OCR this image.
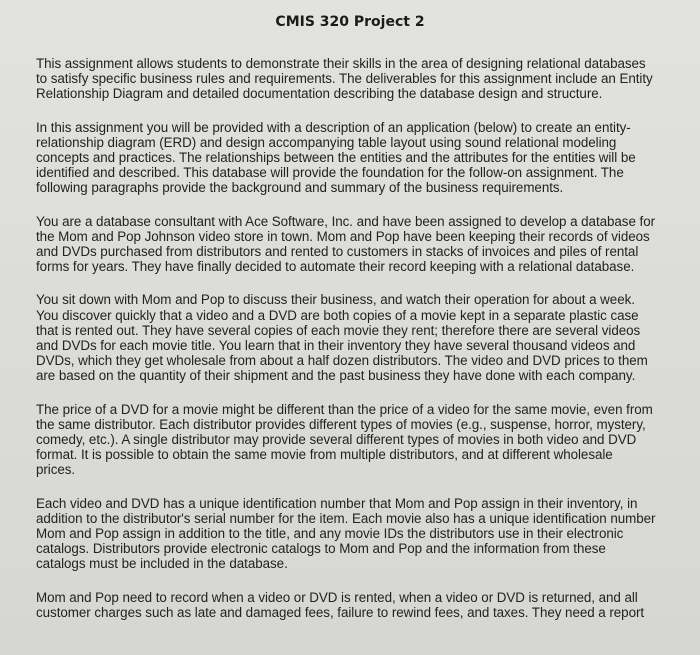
CMIS 320 Project 2

This assignment allows students to demonstrate their skills in the area of designing relational databases
to satisfy specific business rules and requirements. The deliverables for this assignment include an Entity
Relationship Diagram and detailed documentation describing the database design and structure.

In this assignment you will be provided with a description of an application (below) to create an entity-
relationship diagram (ERD) and design accompanying table layout using sound relational modeling
concepts and practices. The relationships between the entities and the attributes for the entities will be
identified and described. This database will provide the foundation for the follow-on assignment. The
following paragraphs provide the background and summary of the business requirements.

You are a database consultant with Ace Software, Inc. and have been assigned to develop a database for
the Mom and Pop Johnson video store in town. Mom and Pop have been keeping their records of videos
and DVDs purchased from distributors and rented to customers in stacks of invoices and piles of rental
forms for years. They have finally decided to automate their record keeping with a relational database.

You sit down with Mom and Pop to discuss their business, and watch their operation for about a week.
You discover quickly that a video and a DVD are both copies of a movie kept in a separate plastic case
that is rented out. They have several copies of each movie they rent; therefore there are several videos
and DVDs for each movie title. You learn that in their inventory they have several thousand videos and
DVDs, which they get wholesale from about a half dozen distributors. The video and DVD prices to them
are based on the quantity of their shipment and the past business they have done with each company.

The price of a DVD for a movie might be different than the price of a video for the same movie, even from
the same distributor. Each distributor provides different types of movies (e.g., suspense, horror, mystery,
comedy, etc.). A single distributor may provide several different types of movies in both video and DVD
format. It is possible to obtain the same movie from multiple distributors, and at different wholesale
prices.

Each video and DVD has a unique identification number that Mom and Pop assign in their inventory, in
addition to the distributor's serial number for the item. Each movie also has a unique identification number
Mom and Pop assign in addition to the title, and any movie IDs the distributors use in their electronic
catalogs. Distributors provide electronic catalogs to Mom and Pop and the information from these
catalogs must be included in the database.

Mom and Pop need to record when a video or DVD is rented, when a video or DVD is returned, and all
customer charges such as late and damaged fees, failure to rewind fees, and taxes. They need a report
